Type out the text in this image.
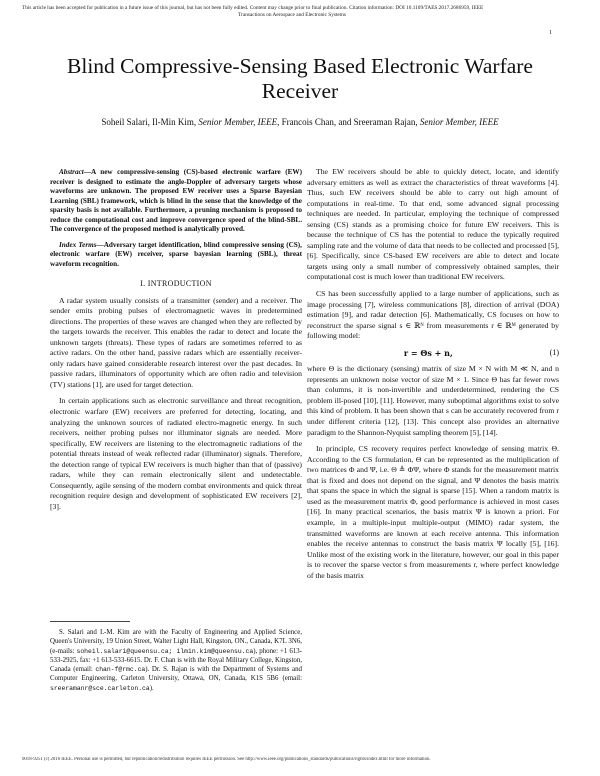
This article has been accepted for publication in a future issue of this journal, but has not been fully edited. Content may change prior to final publication. Citation information: DOI 10.1109/TAES.2017.2686959, IEEE
Transactions on Aerospace and Electronic Systems
1
Blind Compressive-Sensing Based Electronic Warfare Receiver
Soheil Salari, Il-Min Kim, Senior Member, IEEE, Francois Chan, and Sreeraman Rajan, Senior Member, IEEE

Abstract—A new compressive-sensing (CS)-based electronic warfare (EW) receiver is designed to estimate the angle-Doppler of adversary targets whose waveforms are unknown. The proposed EW receiver uses a Sparse Bayesian Learning (SBL) framework, which is blind in the sense that the knowledge of the sparsity basis is not available. Furthermore, a pruning mechanism is proposed to reduce the computational cost and improve convergence speed of the blind-SBL. The convergence of the proposed method is analytically proved.

Index Terms—Adversary target identification, blind compressive sensing (CS), electronic warfare (EW) receiver, sparse bayesian learning (SBL), threat waveform recognition.

I. INTRODUCTION

A radar system usually consists of a transmitter (sender) and a receiver. The sender emits probing pulses of electromagnetic waves in predetermined directions. The properties of these waves are changed when they are reflected by the targets towards the receiver. This enables the radar to detect and locate the unknown targets (threats). These types of radars are sometimes referred to as active radars. On the other hand, passive radars which are essentially receiver-only radars have gained considerable research interest over the past decades. In passive radars, illuminators of opportunity which are often radio and television (TV) stations [1], are used for target detection.

In certain applications such as electronic surveillance and threat recognition, electronic warfare (EW) receivers are preferred for detecting, locating, and analyzing the unknown sources of radiated electro-magnetic energy. In such receivers, neither probing pulses nor illuminator signals are needed. More specifically, EW receivers are listening to the electromagnetic radiations of the potential threats instead of weak reflected radar (illuminator) signals. Therefore, the detection range of typical EW receivers is much higher than that of (passive) radars, while they can remain electronically silent and undetectable. Consequently, agile sensing of the modern combat environments and quick threat recognition require design and development of sophisticated EW receivers [2], [3].

S. Salari and I.-M. Kim are with the Faculty of Engineering and Applied Science, Queen's University, 19 Union Street, Walter Light Hall, Kingston, ON., Canada, K7L 3N6, (e-mails: soheil.salari@queensu.ca; ilmin.kim@queensu.ca), phone: +1 613-533-2925, fax: +1 613-533-6615. Dr. F. Chan is with the Royal Military College, Kingston, Canada (email: chan-f@rmc.ca). Dr. S. Rajan is with the Department of Systems and Computer Engineering, Carleton University, Ottawa, ON, Canada, K1S 5B6 (email: sreeramanr@sce.carleton.ca).

The EW receivers should be able to quickly detect, locate, and identify adversary emitters as well as extract the characteristics of threat waveforms [4]. Thus, such EW receivers should be able to carry out high amount of computations in real-time. To that end, some advanced signal processing techniques are needed. In particular, employing the technique of compressed sensing (CS) stands as a promising choice for future EW receivers. This is because the technique of CS has the potential to reduce the typically required sampling rate and the volume of data that needs to be collected and processed [5], [6]. Specifically, since CS-based EW receivers are able to detect and locate targets using only a small number of compressively obtained samples, their computational cost is much lower than traditional EW receivers.

CS has been successfully applied to a large number of applications, such as image processing [7], wireless communications [8], direction of arrival (DOA) estimation [9], and radar detection [6]. Mathematically, CS focuses on how to reconstruct the sparse signal s ∈ ℝᴺ from measurements r ∈ ℝᴹ generated by following model:

r = Θs + n,	(1)

where Θ is the dictionary (sensing) matrix of size M × N with M ≪ N, and n represents an unknown noise vector of size M × 1. Since Θ has far fewer rows than columns, it is non-invertible and underdetermined, rendering the CS problem ill-posed [10], [11]. However, many suboptimal algorithms exist to solve this kind of problem. It has been shown that s can be accurately recovered from r under different criteria [12], [13]. This concept also provides an alternative paradigm to the Shannon-Nyquist sampling theorem [5], [14].

In principle, CS recovery requires perfect knowledge of sensing matrix Θ. According to the CS formulation, Θ can be represented as the multiplication of two matrices Φ and Ψ, i.e. Θ ≜ ΦΨ, where Φ stands for the measurement matrix that is fixed and does not depend on the signal, and Ψ denotes the basis matrix that spans the space in which the signal is sparse [15]. When a random matrix is used as the measurement matrix Φ, good performance is achieved in most cases [16]. In many practical scenarios, the basis matrix Ψ is known a priori. For example, in a multiple-input multiple-output (MIMO) radar system, the transmitted waveforms are known at each receive antenna. This information enables the receive antennas to construct the basis matrix Ψ locally [5], [16]. Unlike most of the existing work in the literature, however, our goal in this paper is to recover the sparse vector s from measurements r, where perfect knowledge of the basis matrix

0018-9251 (c) 2016 IEEE. Personal use is permitted, but republication/redistribution requires IEEE permission. See http://www.ieee.org/publications_standards/publications/rights/index.html for more information.
